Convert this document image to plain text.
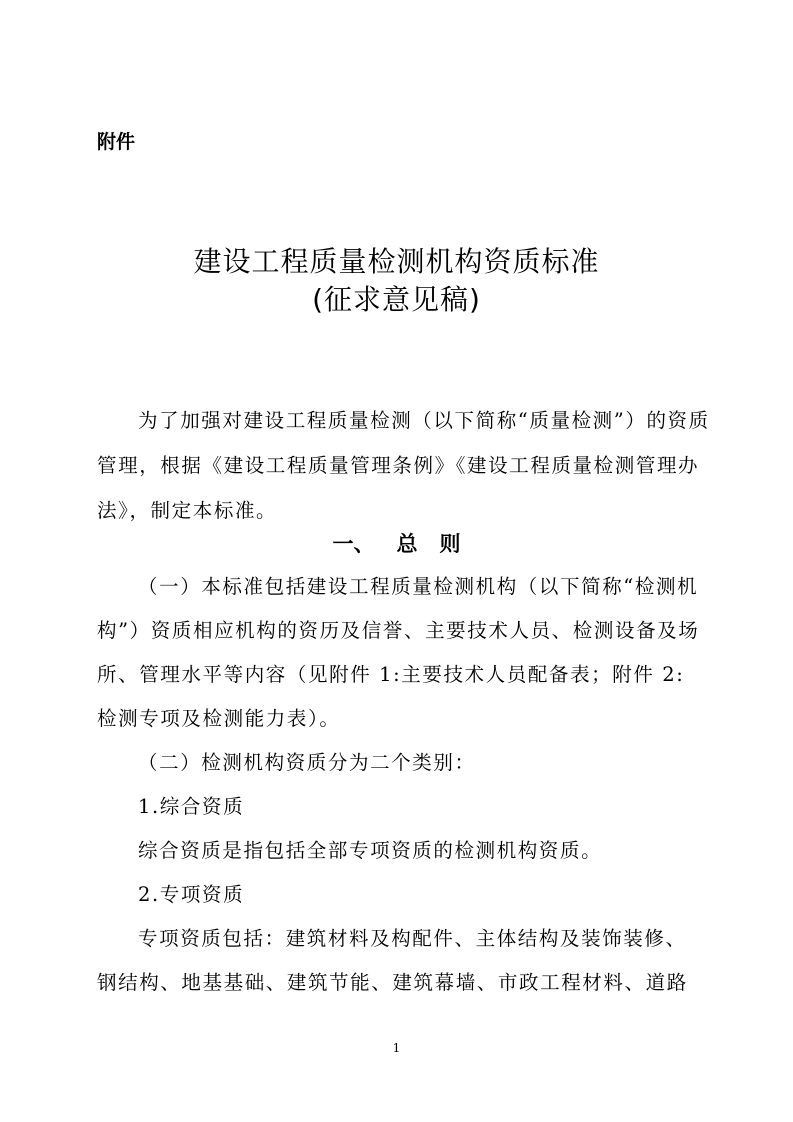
附件
建设工程质量检测机构资质标准
(征求意见稿)
为了加强对建设工程质量检测（以下简称“质量检测”）的资质
管理，根据《建设工程质量管理条例》《建设工程质量检测管理办
法》，制定本标准。
一、 总 则
（一）本标准包括建设工程质量检测机构（以下简称“检测机
构”）资质相应机构的资历及信誉、主要技术人员、检测设备及场
所、管理水平等内容（见附件 1:主要技术人员配备表；附件 2:
检测专项及检测能力表）。
（二）检测机构资质分为二个类别：
1.综合资质
综合资质是指包括全部专项资质的检测机构资质。
2.专项资质
专项资质包括：建筑材料及构配件、主体结构及装饰装修、
钢结构、地基基础、建筑节能、建筑幕墙、市政工程材料、道路
1
